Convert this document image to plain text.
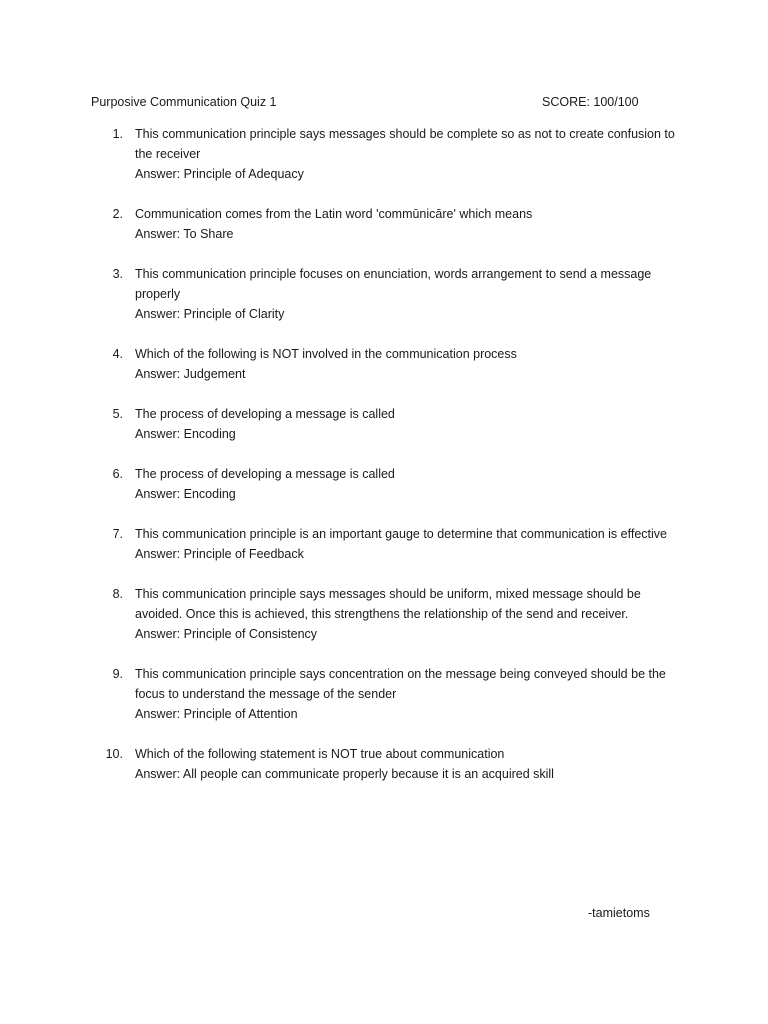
Purposive Communication Quiz 1	SCORE: 100/100
1. This communication principle says messages should be complete so as not to create confusion to the receiver
Answer: Principle of Adequacy
2. Communication comes from the Latin word 'commūnicāre' which means
Answer: To Share
3. This communication principle focuses on enunciation, words arrangement to send a message properly
Answer: Principle of Clarity
4. Which of the following is NOT involved in the communication process
Answer: Judgement
5. The process of developing a message is called
Answer: Encoding
6. The process of developing a message is called
Answer: Encoding
7. This communication principle is an important gauge to determine that communication is effective
Answer: Principle of Feedback
8. This communication principle says messages should be uniform, mixed message should be avoided. Once this is achieved, this strengthens the relationship of the send and receiver.
Answer: Principle of Consistency
9. This communication principle says concentration on the message being conveyed should be the focus to understand the message of the sender
Answer: Principle of Attention
10. Which of the following statement is NOT true about communication
Answer: All people can communicate properly because it is an acquired skill
-tamietoms
